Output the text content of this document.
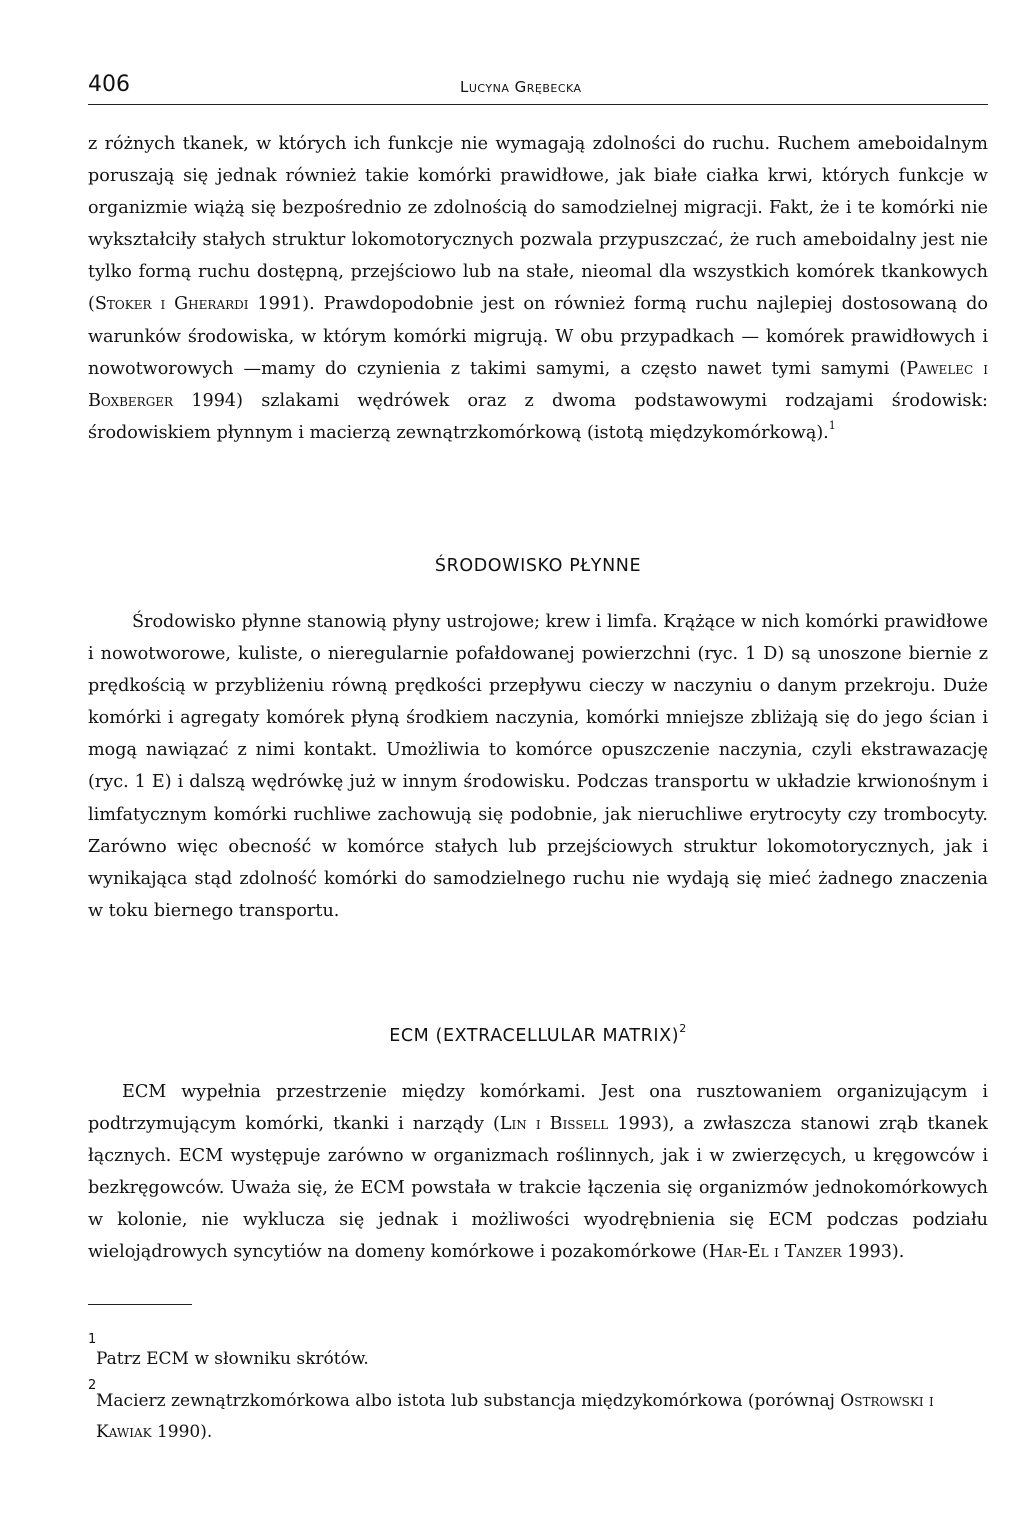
406	Lucyna Grębecka

z różnych tkanek, w których ich funkcje nie wymagają zdolności do ruchu. Ruchem ameboidalnym poruszają się jednak również takie komórki prawidłowe, jak białe ciałka krwi, których funkcje w organizmie wiążą się bezpośrednio ze zdolnością do samodzielnej migracji. Fakt, że i te komórki nie wykształciły stałych struktur lokomotorycznych pozwala przypuszczać, że ruch ameboidalny jest nie tylko formą ruchu dostępną, przejściowo lub na stałe, nieomal dla wszystkich komórek tkankowych (Stoker i Gherardi 1991). Prawdopodobnie jest on również formą ruchu najlepiej dostosowaną do warunków środowiska, w którym komórki migrują. W obu przypadkach — komórek prawidłowych i nowotworowych —mamy do czynienia z takimi samymi, a często nawet tymi samymi (Pawelec i Boxberger 1994) szlakami wędrówek oraz z dwoma podstawowymi rodzajami środowisk: środowiskiem płynnym i macierzą zewnątrzkomórkową (istotą międzykomórkową).$^1$

ŚRODOWISKO PŁYNNE

Środowisko płynne stanowią płyny ustrojowe; krew i limfa. Krążące w nich komórki prawidłowe i nowotworowe, kuliste, o nieregularnie pofałdowanej powierzchni (ryc. 1 D) są unoszone biernie z prędkością w przybliżeniu równą prędkości przepływu cieczy w naczyniu o danym przekroju. Duże komórki i agregaty komórek płyną środkiem naczynia, komórki mniejsze zbliżają się do jego ścian i mogą nawiązać z nimi kontakt. Umożliwia to komórce opuszczenie naczynia, czyli ekstrawazację (ryc. 1 E) i dalszą wędrówkę już w innym środowisku. Podczas transportu w układzie krwionośnym i limfatycznym komórki ruchliwe zachowują się podobnie, jak nieruchliwe erytrocyty czy trombocyty. Zarówno więc obecność w komórce stałych lub przejściowych struktur lokomotorycznych, jak i wynikająca stąd zdolność komórki do samodzielnego ruchu nie wydają się mieć żadnego znaczenia w toku biernego transportu.

ECM (EXTRACELLULAR MATRIX)$^2$

ECM wypełnia przestrzenie między komórkami. Jest ona rusztowaniem organizującym i podtrzymującym komórki, tkanki i narządy (Lin i Bissell 1993), a zwłaszcza stanowi zrąb tkanek łącznych. ECM występuje zarówno w organizmach roślinnych, jak i w zwierzęcych, u kręgowców i bezkręgowców. Uważa się, że ECM powstała w trakcie łączenia się organizmów jednokomórkowych w kolonie, nie wyklucza się jednak i możliwości wyodrębnienia się ECM podczas podziału wielojądrowych syncytiów na domeny komórkowe i pozakomórkowe (Har-El i Tanzer 1993).

1
Patrz ECM w słowniku skrótów.
2
Macierz zewnątrzkomórkowa albo istota lub substancja międzykomórkowa (porównaj Ostrowski i Kawiak 1990).
